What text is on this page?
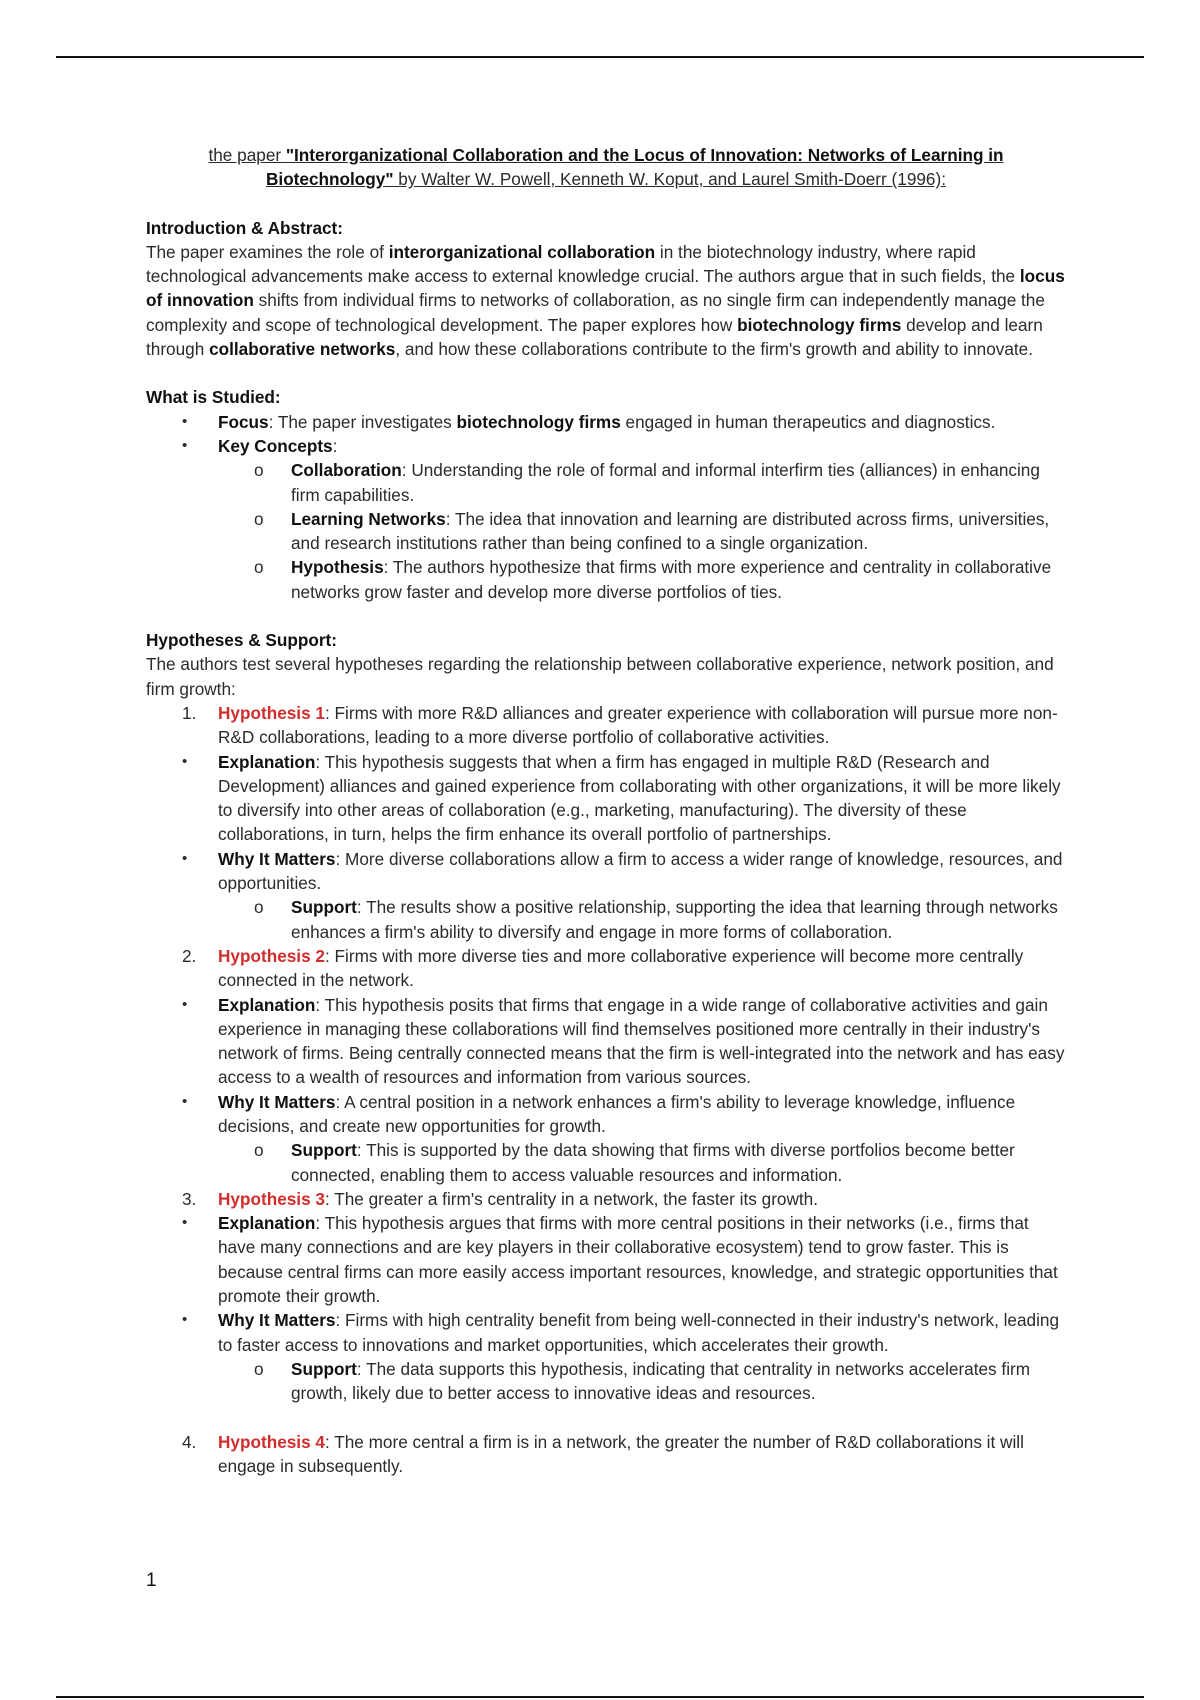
the paper "Interorganizational Collaboration and the Locus of Innovation: Networks of Learning in Biotechnology" by Walter W. Powell, Kenneth W. Koput, and Laurel Smith-Doerr (1996):

Introduction & Abstract:

The paper examines the role of interorganizational collaboration in the biotechnology industry, where rapid technological advancements make access to external knowledge crucial. The authors argue that in such fields, the locus of innovation shifts from individual firms to networks of collaboration, as no single firm can independently manage the complexity and scope of technological development. The paper explores how biotechnology firms develop and learn through collaborative networks, and how these collaborations contribute to the firm's growth and ability to innovate.

What is Studied:

•	Focus: The paper investigates biotechnology firms engaged in human therapeutics and diagnostics.
•	Key Concepts:
o	Collaboration: Understanding the role of formal and informal interfirm ties (alliances) in enhancing firm capabilities.
o	Learning Networks: The idea that innovation and learning are distributed across firms, universities, and research institutions rather than being confined to a single organization.
o	Hypothesis: The authors hypothesize that firms with more experience and centrality in collaborative networks grow faster and develop more diverse portfolios of ties.

Hypotheses & Support:

The authors test several hypotheses regarding the relationship between collaborative experience, network position, and firm growth:

1.	Hypothesis 1: Firms with more R&D alliances and greater experience with collaboration will pursue more non-R&D collaborations, leading to a more diverse portfolio of collaborative activities.
•	Explanation: This hypothesis suggests that when a firm has engaged in multiple R&D (Research and Development) alliances and gained experience from collaborating with other organizations, it will be more likely to diversify into other areas of collaboration (e.g., marketing, manufacturing). The diversity of these collaborations, in turn, helps the firm enhance its overall portfolio of partnerships.
•	Why It Matters: More diverse collaborations allow a firm to access a wider range of knowledge, resources, and opportunities.
o	Support: The results show a positive relationship, supporting the idea that learning through networks enhances a firm's ability to diversify and engage in more forms of collaboration.
2.	Hypothesis 2: Firms with more diverse ties and more collaborative experience will become more centrally connected in the network.
•	Explanation: This hypothesis posits that firms that engage in a wide range of collaborative activities and gain experience in managing these collaborations will find themselves positioned more centrally in their industry's network of firms. Being centrally connected means that the firm is well-integrated into the network and has easy access to a wealth of resources and information from various sources.
•	Why It Matters: A central position in a network enhances a firm's ability to leverage knowledge, influence decisions, and create new opportunities for growth.
o	Support: This is supported by the data showing that firms with diverse portfolios become better connected, enabling them to access valuable resources and information.
3.	Hypothesis 3: The greater a firm's centrality in a network, the faster its growth.
•	Explanation: This hypothesis argues that firms with more central positions in their networks (i.e., firms that have many connections and are key players in their collaborative ecosystem) tend to grow faster. This is because central firms can more easily access important resources, knowledge, and strategic opportunities that promote their growth.
•	Why It Matters: Firms with high centrality benefit from being well-connected in their industry's network, leading to faster access to innovations and market opportunities, which accelerates their growth.
o	Support: The data supports this hypothesis, indicating that centrality in networks accelerates firm growth, likely due to better access to innovative ideas and resources.
4.	Hypothesis 4: The more central a firm is in a network, the greater the number of R&D collaborations it will engage in subsequently.
1
